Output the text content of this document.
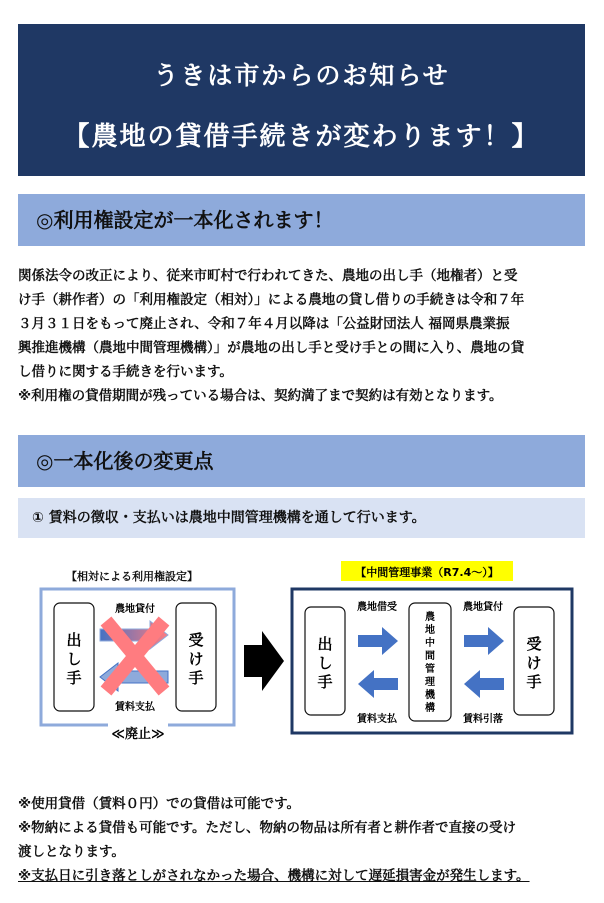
うきは市からのお知らせ
【農地の貸借手続きが変わります！】
◎利用権設定が一本化されます！

関係法令の改正により、従来市町村で行われてきた、農地の出し手（地権者）と受

け手（耕作者）の「利用権設定（相対）」による農地の貸し借りの手続きは令和７年

３月３１日をもって廃止され、令和７年４月以降は「公益財団法人 福岡県農業振

興推進機構（農地中間管理機構）」が農地の出し手と受け手との間に入り、農地の貸

し借りに関する手続きを行います。

※利用権の貸借期間が残っている場合は、契約満了まで契約は有効となります。

◎一本化後の変更点
① 賃料の徴収・支払いは農地中間管理機構を通して行います。
【相対による利用権設定】
出
し
手
受
け
手
農地貸付
賃料支払
≪廃止≫
【中間管理事業（R7.4～）】
出
し
手
農
地
中
間
管
理
機
構
受
け
手
農地借受	農地貸付
賃料支払	賃料引落

※使用貸借（賃料０円）での貸借は可能です。

※物納による貸借も可能です。ただし、物納の物品は所有者と耕作者で直接の受け

渡しとなります。

※支払日に引き落としがされなかった場合、機構に対して遅延損害金が発生します。
